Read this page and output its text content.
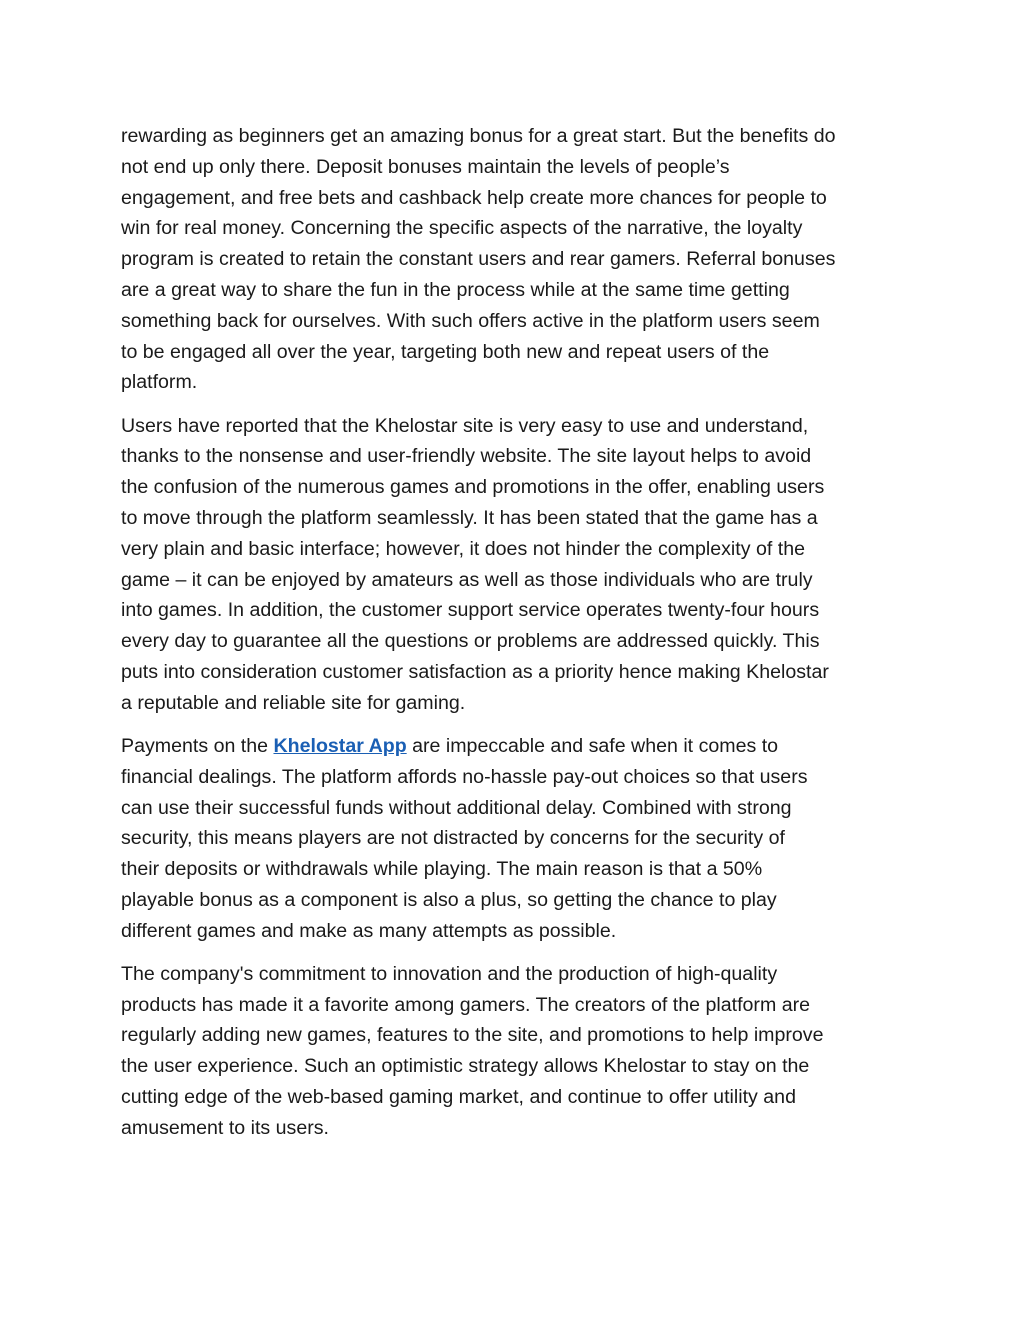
rewarding as beginners get an amazing bonus for a great start. But the benefits do
not end up only there. Deposit bonuses maintain the levels of people’s
engagement, and free bets and cashback help create more chances for people to
win for real money. Concerning the specific aspects of the narrative, the loyalty
program is created to retain the constant users and rear gamers. Referral bonuses
are a great way to share the fun in the process while at the same time getting
something back for ourselves. With such offers active in the platform users seem
to be engaged all over the year, targeting both new and repeat users of the
platform.

Users have reported that the Khelostar site is very easy to use and understand,
thanks to the nonsense and user-friendly website. The site layout helps to avoid
the confusion of the numerous games and promotions in the offer, enabling users
to move through the platform seamlessly. It has been stated that the game has a
very plain and basic interface; however, it does not hinder the complexity of the
game – it can be enjoyed by amateurs as well as those individuals who are truly
into games. In addition, the customer support service operates twenty-four hours
every day to guarantee all the questions or problems are addressed quickly. This
puts into consideration customer satisfaction as a priority hence making Khelostar
a reputable and reliable site for gaming.

Payments on the Khelostar App are impeccable and safe when it comes to
financial dealings. The platform affords no-hassle pay-out choices so that users
can use their successful funds without additional delay. Combined with strong
security, this means players are not distracted by concerns for the security of
their deposits or withdrawals while playing. The main reason is that a 50%
playable bonus as a component is also a plus, so getting the chance to play
different games and make as many attempts as possible.

The company's commitment to innovation and the production of high-quality
products has made it a favorite among gamers. The creators of the platform are
regularly adding new games, features to the site, and promotions to help improve
the user experience. Such an optimistic strategy allows Khelostar to stay on the
cutting edge of the web-based gaming market, and continue to offer utility and
amusement to its users.
